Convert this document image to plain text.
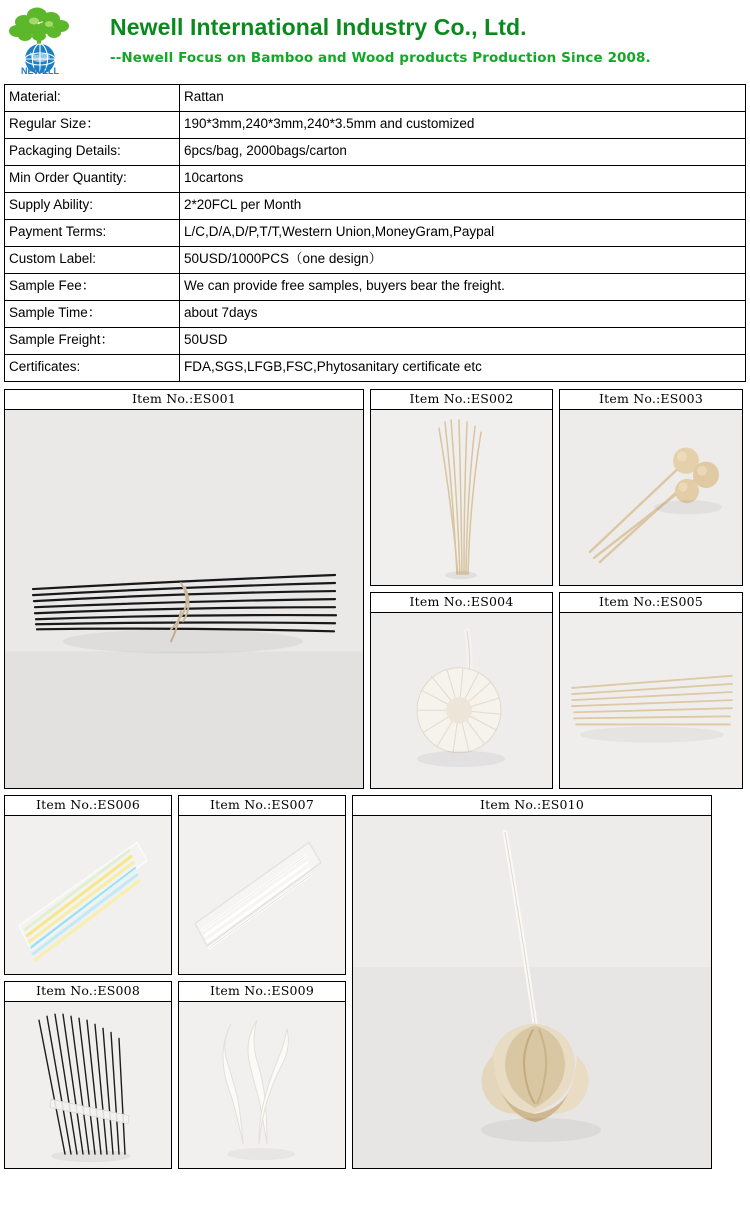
NEWELL
Newell International Industry Co., Ltd.
--Newell Focus on Bamboo and Wood products Production Since 2008.
Material:	Rattan
Regular Size：	190*3mm,240*3mm,240*3.5mm and customized
Packaging Details:	6pcs/bag, 2000bags/carton
Min Order Quantity:	10cartons
Supply Ability:	2*20FCL per Month
Payment Terms:	L/C,D/A,D/P,T/T,Western Union,MoneyGram,Paypal
Custom Label:	50USD/1000PCS（one design）
Sample Fee：	We can provide free samples, buyers bear the freight.
Sample Time：	about 7days
Sample Freight：	50USD
Certificates:	FDA,SGS,LFGB,FSC,Phytosanitary certificate etc
Item No.:ES001	Item No.:ES002
Item No.:ES004
Item No.:ES003
Item No.:ES005
Item No.:ES006
Item No.:ES008
Item No.:ES007
Item No.:ES009
Item No.:ES010
